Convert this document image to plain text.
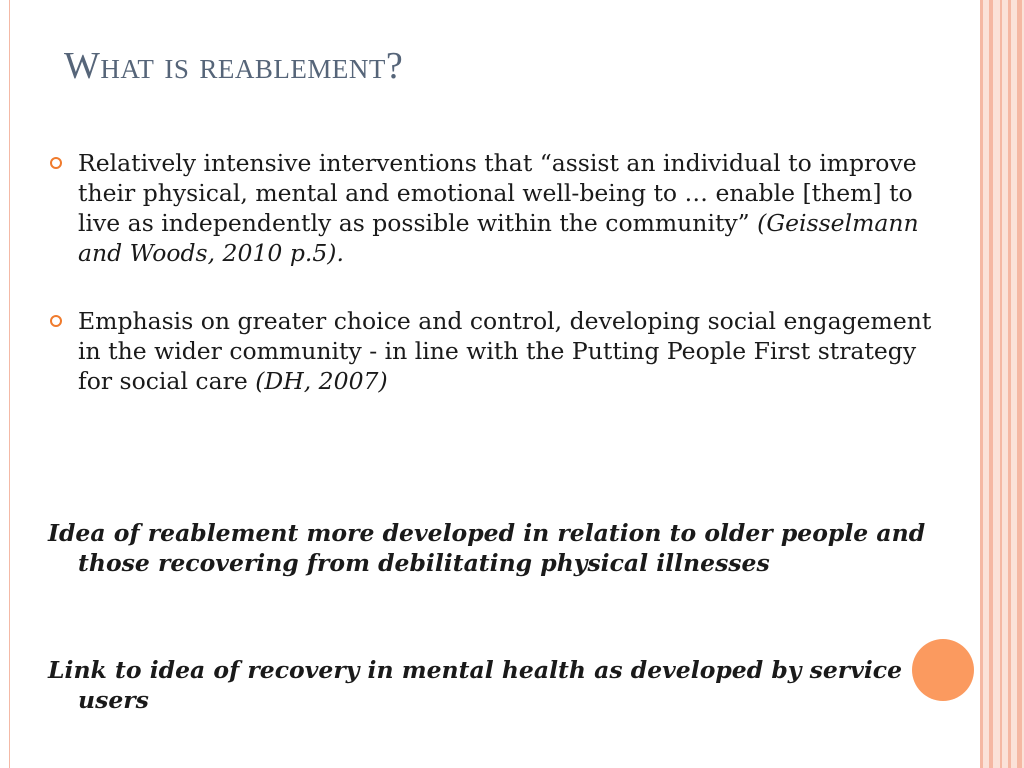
What is reablement?
Relatively intensive interventions that “assist an individual to improve their physical, mental and emotional well-being to … enable [them] to live as independently as possible within the community” (Geisselmann and Woods, 2010 p.5).
Emphasis on greater choice and control, developing social engagement in the wider community - in line with the Putting People First strategy for social care (DH, 2007)

Idea of reablement more developed in relation to older people and those recovering from debilitating physical illnesses

Link to idea of recovery in mental health as developed by service users
